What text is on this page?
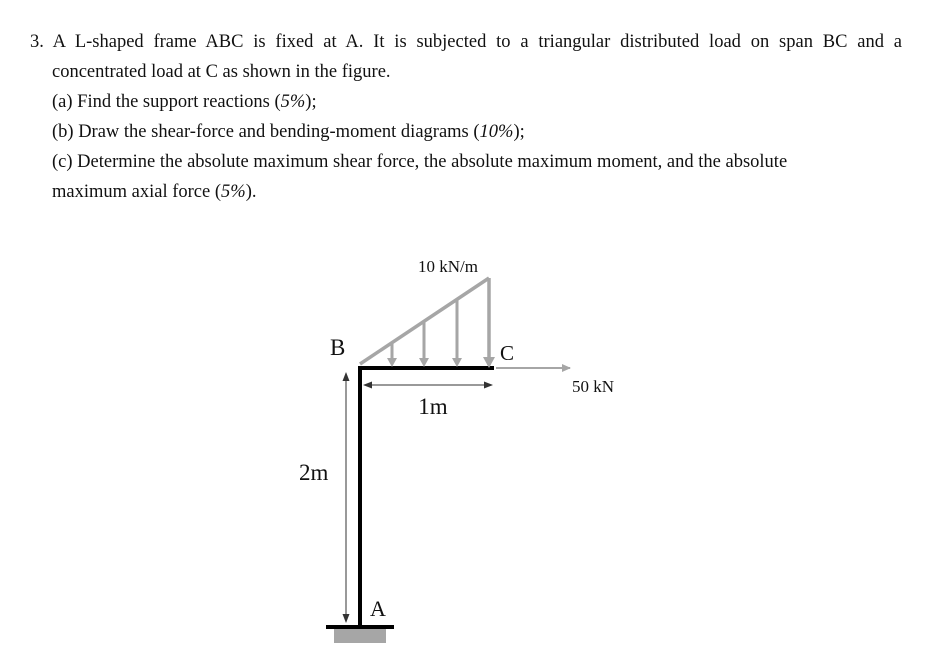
3. A L-shaped frame ABC is fixed at A. It is subjected to a triangular distributed load on span BC and a
concentrated load at C as shown in the figure.
(a) Find the support reactions (5%);
(b) Draw the shear-force and bending-moment diagrams (10%);
(c) Determine the absolute maximum shear force, the absolute maximum moment, and the absolute
maximum axial force (5%).
10 kN/m
B	C
A
50 kN
1m
2m
